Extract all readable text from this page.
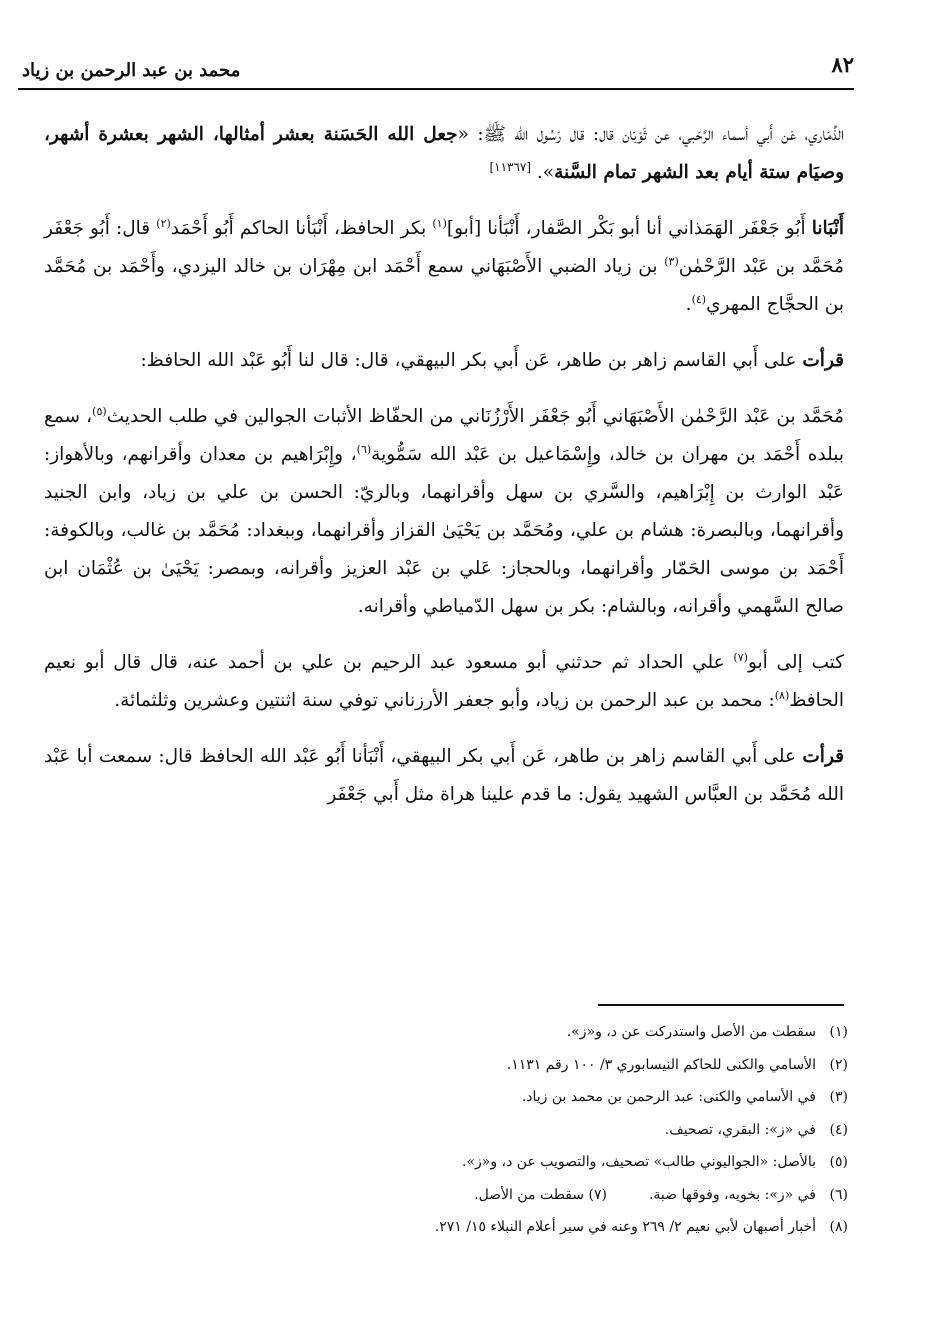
٨٢
محمد بن عبد الرحمن بن زياد

الذِّمَاري، عَن أَبي أسماء الرَّحَبي، عن ثَوْبَان قال: قال رَسُول الله ﷺ: «جعل الله الحَسَنة بعشر أمثالها، الشهر بعشرة أشهر، وصيَام ستة أيام بعد الشهر تمام السَّنة». [١١٣٦٧]

أَنْبَانا أَبُو جَعْفَر الهَمَذاني أنا أبو بَكْر الصَّفار، أَنْبَأنا [أبو]$^{(١)}$ بكر الحافظ، أَنْبَأنا الحاكم أَبُو أَحْمَد$^{(٢)}$ قال: أَبُو جَعْفَر مُحَمَّد بن عَبْد الرَّحْمٰن$^{(٣)}$ بن زياد الضبي الأَصْبَهَاني سمع أَحْمَد ابن مِهْرَان بن خالد اليزدي، وأَحْمَد بن مُحَمَّد بن الحجَّاج المهري$^{(٤)}$.

قرأت على أَبي القاسم زاهر بن طاهر، عَن أَبي بكر البيهقي، قال: قال لنا أَبُو عَبْد الله الحافظ:

مُحَمَّد بن عَبْد الرَّحْمٰن الأَصْبَهَاني أَبُو جَعْفَر الأَرْزُنَاني من الحفّاظ الأثبات الجوالين في طلب الحديث$^{(٥)}$، سمع ببلده أَحْمَد بن مهران بن خالد، وإِسْمَاعيل بن عَبْد الله سَمُّوية$^{(٦)}$، وإِبْرَاهيم بن معدان وأقرانهم، وبالأهواز: عَبْد الوارث بن إِبْرَاهيم، والسَّري بن سهل وأقرانهما، وبالريّ: الحسن بن علي بن زياد، وابن الجنيد وأقرانهما، وبالبصرة: هشام بن علي، ومُحَمَّد بن يَحْيَىٰ القزاز وأقرانهما، وببغداد: مُحَمَّد بن غالب، وبالكوفة: أَحْمَد بن موسى الحَمّار وأقرانهما، وبالحجاز: عَلي بن عَبْد العزيز وأقرانه، وبمصر: يَحْيَىٰ بن عُثْمَان ابن صالح السَّهمي وأقرانه، وبالشام: بكر بن سهل الدّمياطي وأقرانه.

كتب إلى أبو$^{(٧)}$ علي الحداد ثم حدثني أبو مسعود عبد الرحيم بن علي بن أحمد عنه، قال قال أبو نعيم الحافظ$^{(٨)}$: محمد بن عبد الرحمن بن زياد، وأبو جعفر الأرزناني توفي سنة اثنتين وعشرين وثلثمائة.

قرأت على أَبي القاسم زاهر بن طاهر، عَن أَبي بكر البيهقي، أَنْبَأنا أَبُو عَبْد الله الحافظ قال: سمعت أبا عَبْد الله مُحَمَّد بن العبَّاس الشهيد يقول: ما قدم علينا هراة مثل أَبي جَعْفَر

(١)
سقطت من الأصل واستدركت عن د، و«ز».
(٢)
الأسامي والكنى للحاكم النيسابوري ٣/ ١٠٠ رقم ١١٣١.
(٣)
في الأسامي والكنى: عبد الرحمن بن محمد بن زياد.
(٤)
في «ز»: البقري، تصحيف.
(٥)
بالأصل: «الجواليوني طالب» تصحيف، والتصويب عن د، و«ز».
(٦)
في «ز»: بخويه، وفوقها ضبة.
(٧) سقطت من الأصل.
(٨)
أخبار أصبهان لأبي نعيم ٢/ ٢٦٩ وعنه في سير أعلام النبلاء ١٥/ ٢٧١.
